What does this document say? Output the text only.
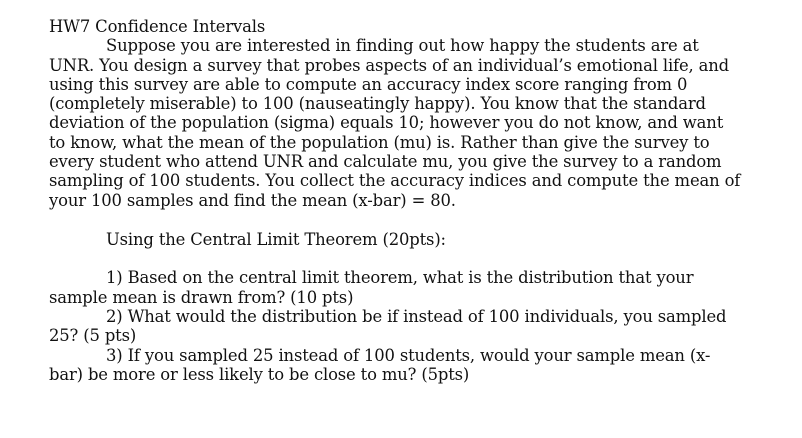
HW7 Confidence Intervals
Suppose you are interested in finding out how happy the students are at
UNR. You design a survey that probes aspects of an individual’s emotional life, and
using this survey are able to compute an accuracy index score ranging from 0
(completely miserable) to 100 (nauseatingly happy). You know that the standard
deviation of the population (sigma) equals 10; however you do not know, and want
to know, what the mean of the population (mu) is. Rather than give the survey to
every student who attend UNR and calculate mu, you give the survey to a random
sampling of 100 students. You collect the accuracy indices and compute the mean of
your 100 samples and find the mean (x-bar) = 80.
Using the Central Limit Theorem (20pts):
1) Based on the central limit theorem, what is the distribution that your
sample mean is drawn from? (10 pts)
2) What would the distribution be if instead of 100 individuals, you sampled
25? (5 pts)
3) If you sampled 25 instead of 100 students, would your sample mean (x-
bar) be more or less likely to be close to mu? (5pts)
